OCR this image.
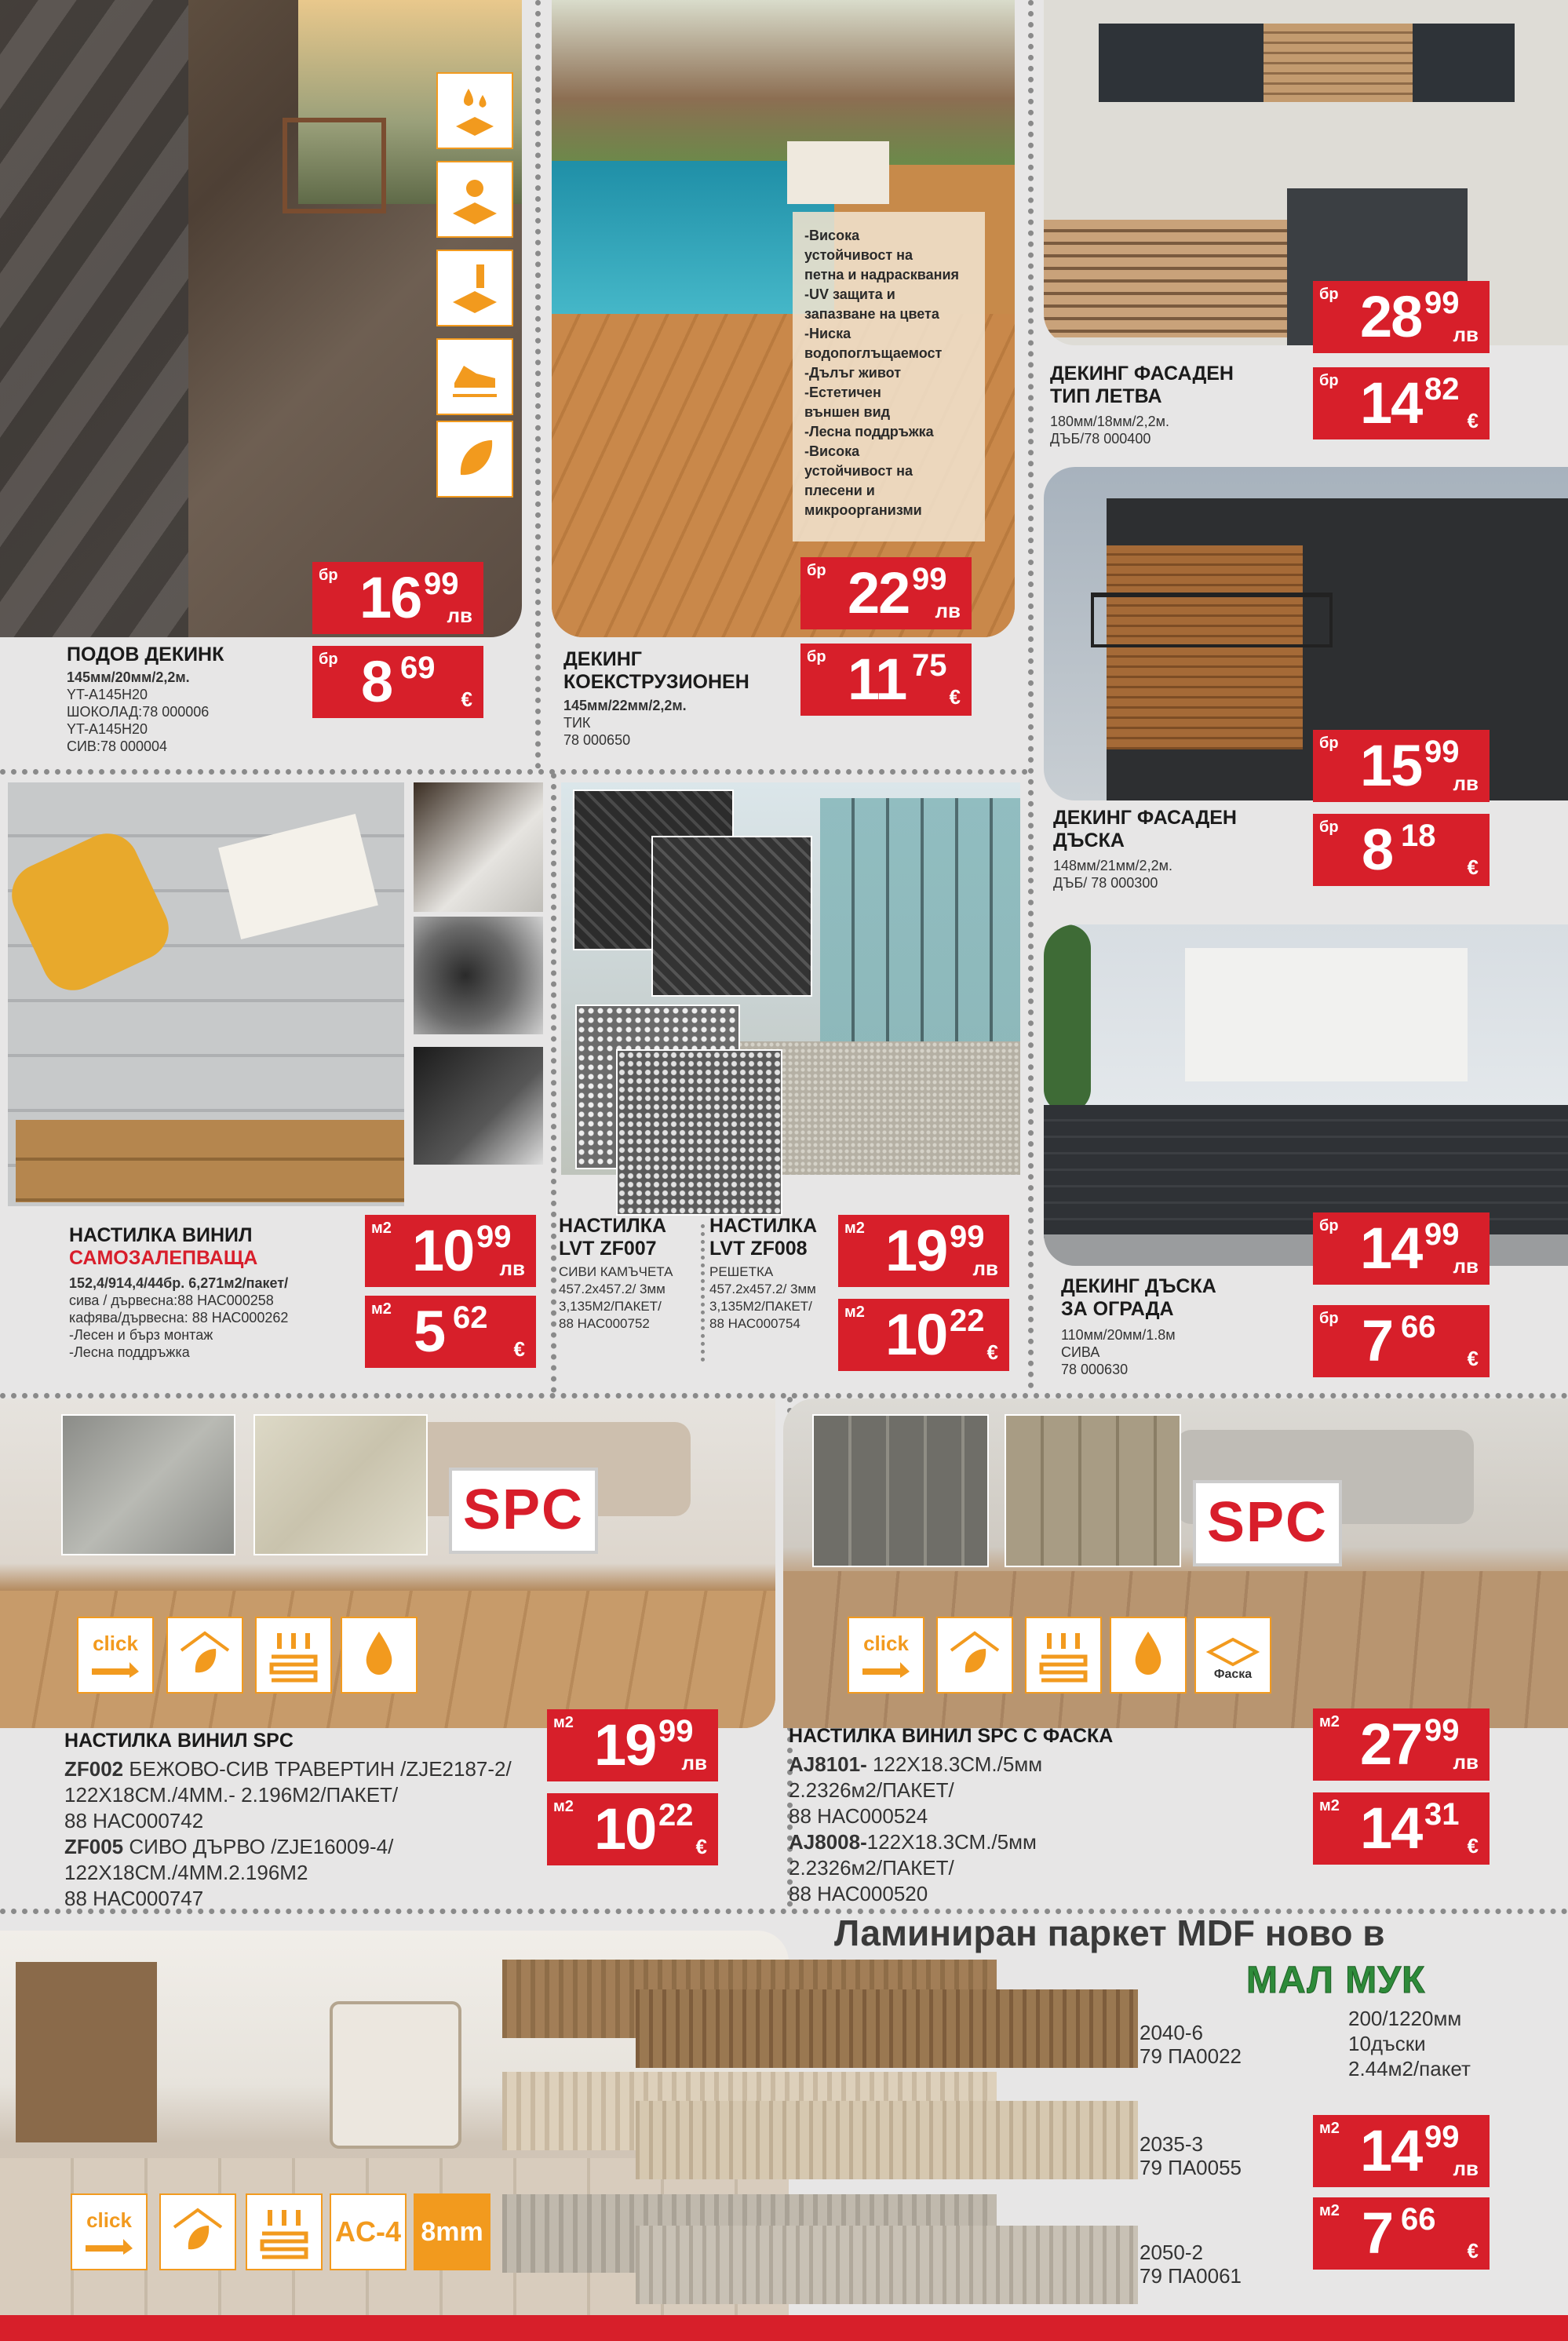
бр 16 99
лв
бр 8 69
€
ПОДОВ ДЕКИНК
145мм/20мм/2,2м.
YT-A145H20
ШОКОЛАД:78 000006
YT-A145H20
СИВ:78 000004
-Висока
устойчивост на
петна и надрасквания
-UV защита и
запазване на цвета
-Ниска
водопоглъщаемост
-Дълъг живот
-Естетичен
външен вид
-Лесна поддръжка
-Висока
устойчивост на
плесени и
микроорганизми
бр 22 99
лв
бр 11 75
€
ДЕКИНГ
КОЕКСТРУЗИОНЕН
145мм/22мм/2,2м.
ТИК
78 000650
бр 28 99
лв
бр 14 82
€
ДЕКИНГ ФАСАДЕН
ТИП ЛЕТВА
180мм/18мм/2,2м.
ДЪБ/78 000400
бр 15 99
лв
бр 8 18
€
ДЕКИНГ ФАСАДЕН
ДЪСКА
148мм/21мм/2,2м.
ДЪБ/ 78 000300
м2 10 99
лв
м2 5 62
€
НАСТИЛКА ВИНИЛ
САМОЗАЛЕПВАЩА
152,4/914,4/44бр. 6,271м2/пакет/
сива / дървесна:88 НАС000258
кафява/дървесна: 88 НАС000262
-Лесен и бърз монтаж
-Лесна поддръжка
НАСТИЛКА
LVT ZF007
СИВИ КАМЪЧЕТА
457.2x457.2/ 3мм
3,135М2/ПАКЕТ/
88 НАС000752
НАСТИЛКА
LVT ZF008
РЕШЕТКА
457.2x457.2/ 3мм
3,135М2/ПАКЕТ/
88 НАС000754
м2 19 99
лв
м2 10 22
€
бр 14 99
лв
бр 7 66
€
ДЕКИНГ ДЪСКА
ЗА ОГРАДА
110мм/20мм/1.8м
СИВА
78 000630
SPC
click
НАСТИЛКА ВИНИЛ SPC
ZF002 БЕЖОВО-СИВ ТРАВЕРТИН /ZJE2187-2/
122X18СМ./4ММ.- 2.196М2/ПАКЕТ/
88 НАС000742
ZF005 СИВО ДЪРВО /ZJE16009-4/
122X18СМ./4ММ.2.196М2
88 НАС000747
м2 19 99
лв
м2 10 22
€
SPC
click
Фаска
НАСТИЛКА ВИНИЛ SPC С ФАСКА
AJ8101- 122X18.3СМ./5мм
2.2326м2/ПАКЕТ/
88 НАС000524
AJ8008-122X18.3СМ./5мм
2.2326м2/ПАКЕТ/
88 НАС000520
м2 27 99
лв
м2 14 31
€
click	AC-4 8mm
Ламиниран паркет MDF ново в
МАЛ МУК
200/1220мм
10дъски
2.44м2/пакет
2040-6
79 ПА0022
2035-3
79 ПА0055
2050-2
79 ПА0061
м2 14 99
лв
м2 7 66
€
